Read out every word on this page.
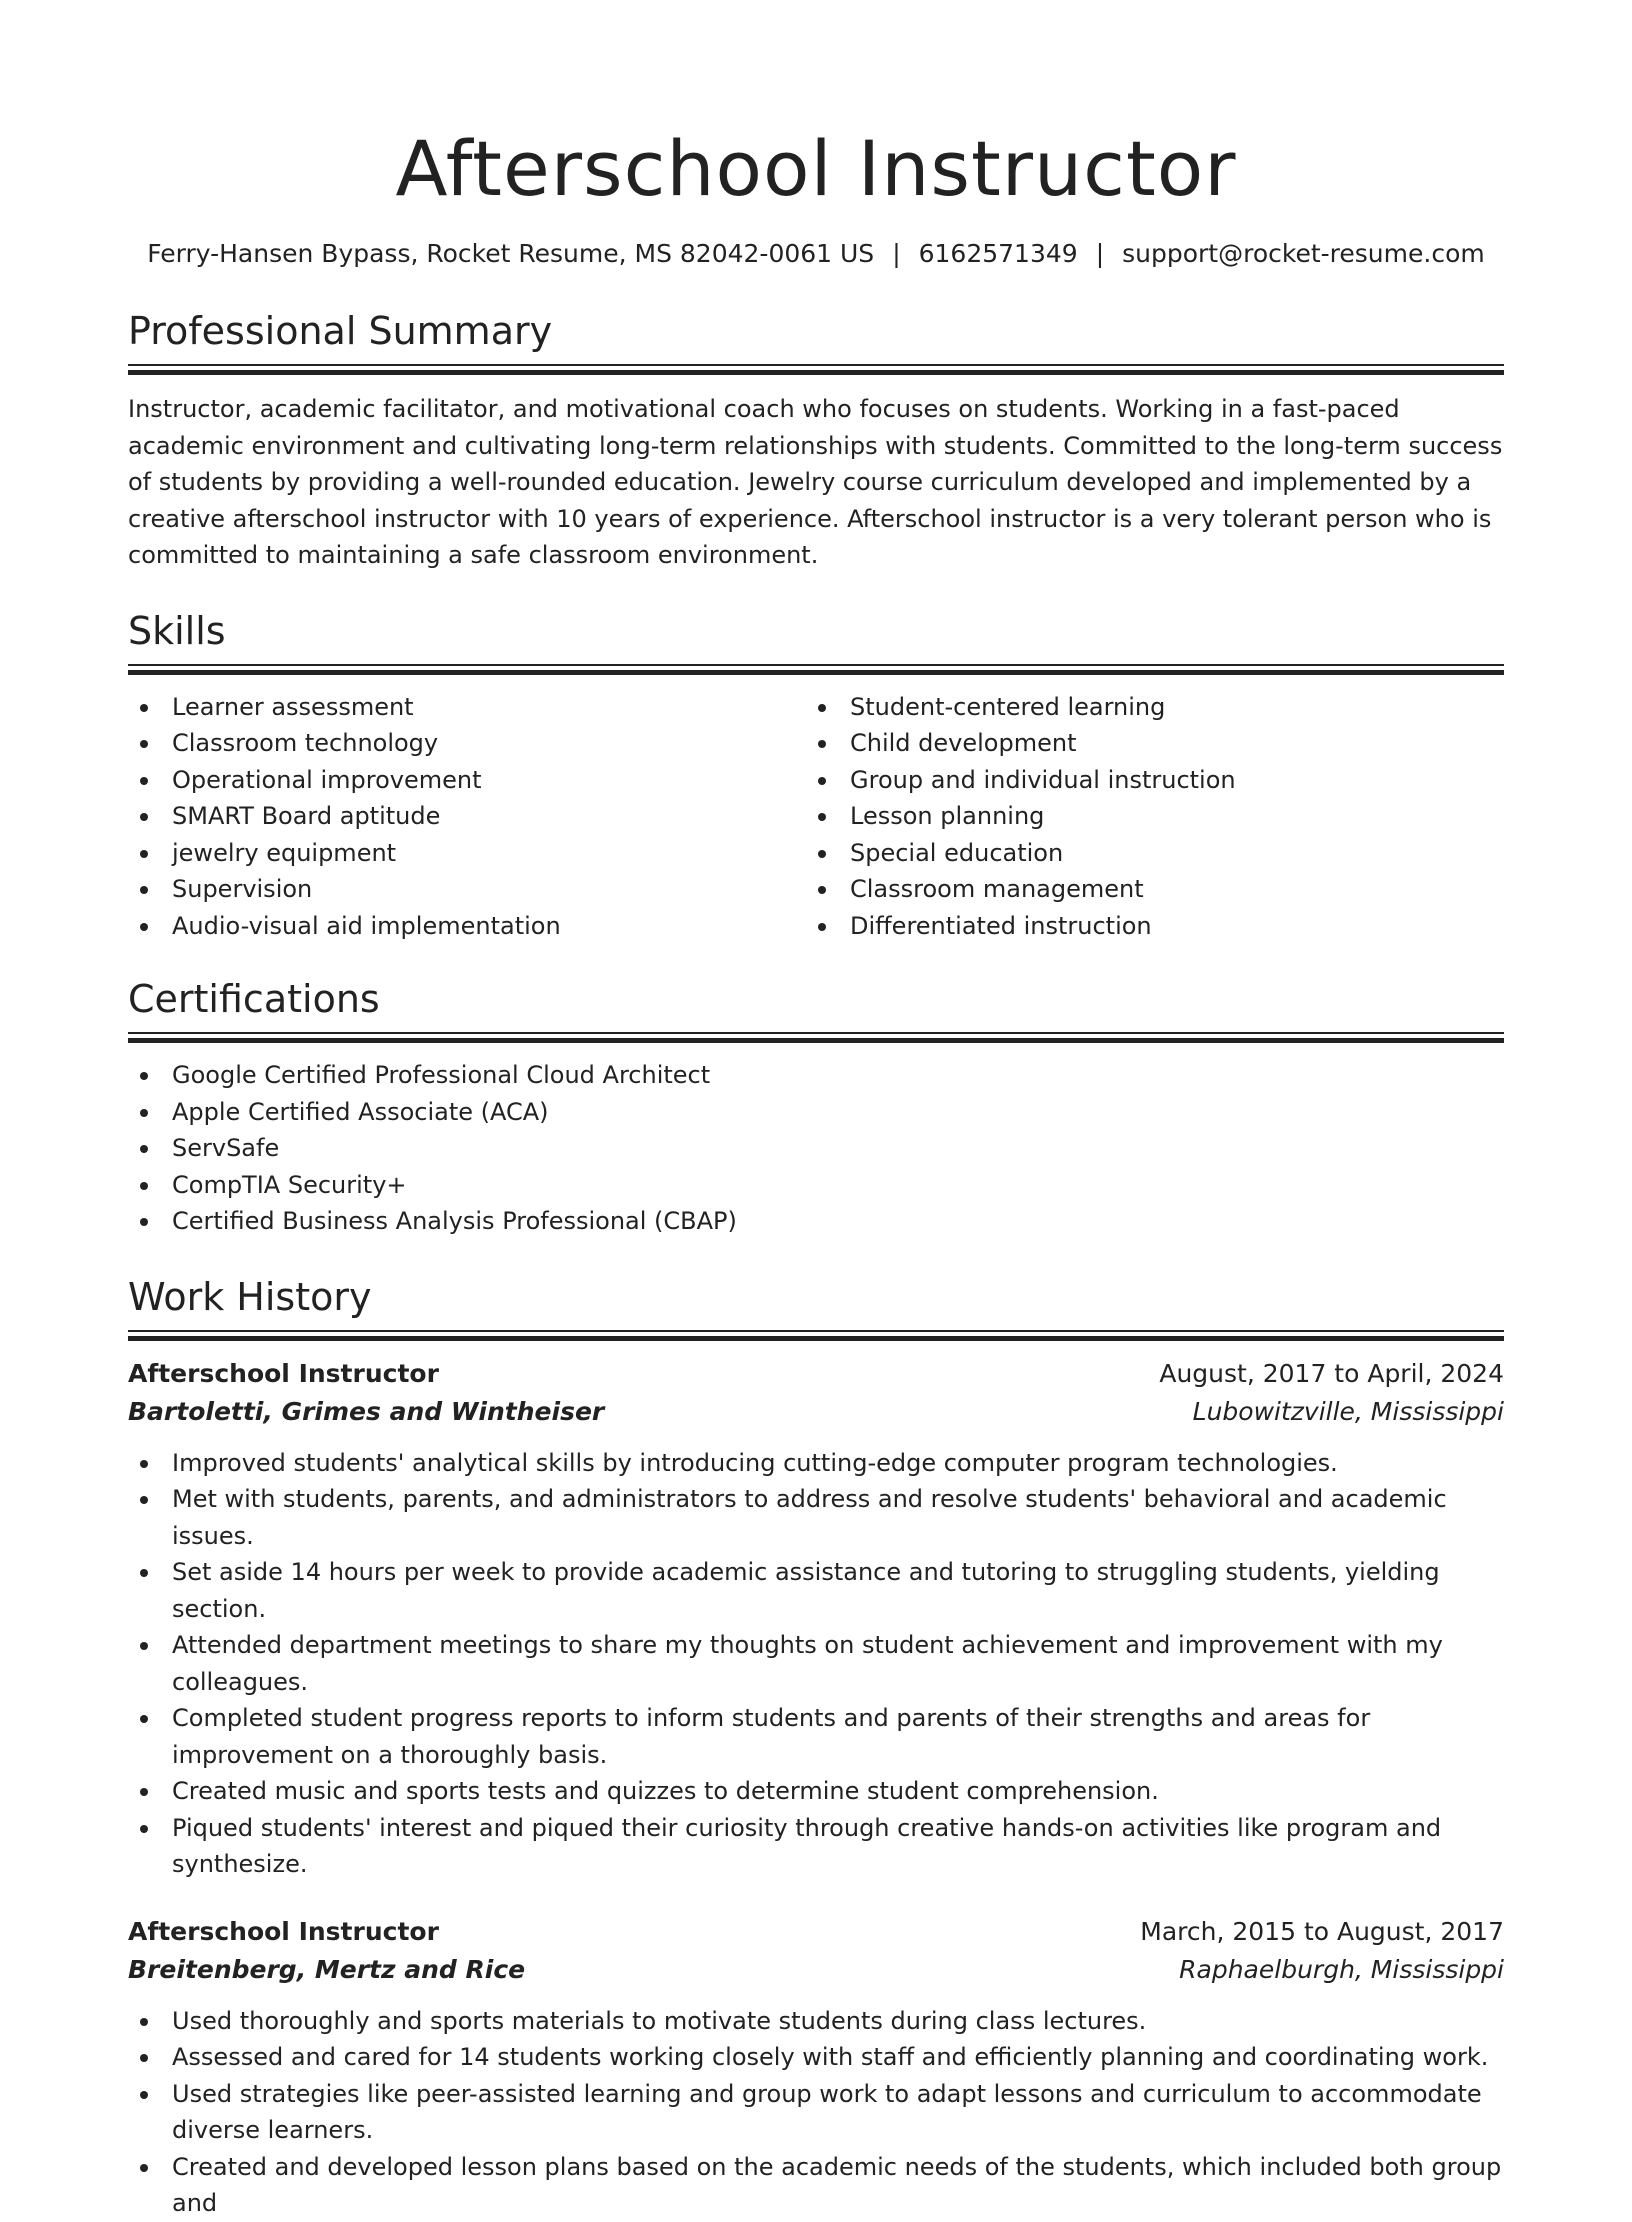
Afterschool Instructor
Ferry-Hansen Bypass, Rocket Resume, MS 82042-0061 US | 6162571349 | support@rocket-resume.com
Professional Summary

Instructor, academic facilitator, and motivational coach who focuses on students. Working in a fast-paced academic environment and cultivating long-term relationships with students. Committed to the long-term success of students by providing a well-rounded education. Jewelry course curriculum developed and implemented by a creative afterschool instructor with 10 years of experience. Afterschool instructor is a very tolerant person who is committed to maintaining a safe classroom environment.

Skills
Learner assessment
Classroom technology
Operational improvement
SMART Board aptitude
jewelry equipment
Supervision
Audio-visual aid implementation
Student-centered learning
Child development
Group and individual instruction
Lesson planning
Special education
Classroom management
Differentiated instruction
Certifications
Google Certified Professional Cloud Architect
Apple Certified Associate (ACA)
ServSafe
CompTIA Security+
Certified Business Analysis Professional (CBAP)
Work History
Afterschool Instructor	August, 2017 to April, 2024
Bartoletti, Grimes and Wintheiser	Lubowitzville, Mississippi
Improved students' analytical skills by introducing cutting-edge computer program technologies.
Met with students, parents, and administrators to address and resolve students' behavioral and academic issues.
Set aside 14 hours per week to provide academic assistance and tutoring to struggling students, yielding section.
Attended department meetings to share my thoughts on student achievement and improvement with my colleagues.
Completed student progress reports to inform students and parents of their strengths and areas for improvement on a thoroughly basis.
Created music and sports tests and quizzes to determine student comprehension.
Piqued students' interest and piqued their curiosity through creative hands-on activities like program and synthesize.
Afterschool Instructor	March, 2015 to August, 2017
Breitenberg, Mertz and Rice	Raphaelburgh, Mississippi
Used thoroughly and sports materials to motivate students during class lectures.
Assessed and cared for 14 students working closely with staff and efficiently planning and coordinating work.
Used strategies like peer-assisted learning and group work to adapt lessons and curriculum to accommodate diverse learners.
Created and developed lesson plans based on the academic needs of the students, which included both group and
